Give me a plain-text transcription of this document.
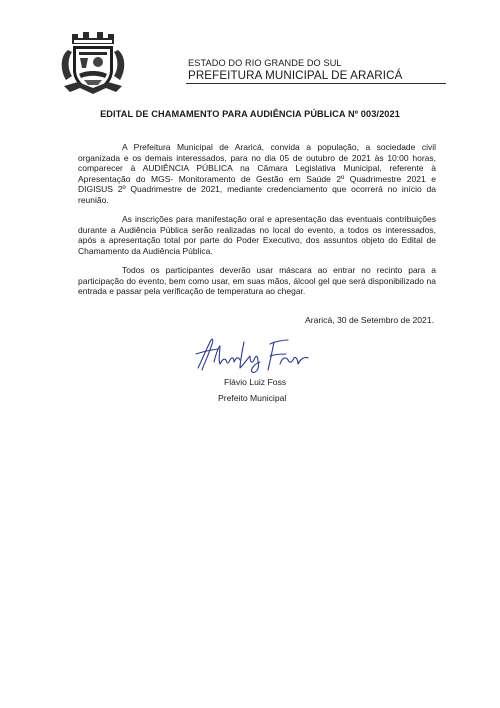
ESTADO DO RIO GRANDE DO SUL

PREFEITURA MUNICIPAL DE ARARICÁ

EDITAL DE CHAMAMENTO PARA AUDIÊNCIA PÚBLICA Nº 003/2021

A Prefeitura Municipal de Araricá, convida a população, a sociedade civil organizada e os demais interessados, para no dia 05 de outubro de 2021 às 10:00 horas, comparecer à AUDIÊNCIA PÚBLICA na Câmara Legislativa Municipal, referente à Apresentação do MGS- Monitoramento de Gestão em Saúde 2º Quadrimestre 2021 e DIGISUS 2º Quadrimestre de 2021, mediante credenciamento que ocorrerá no início da reunião.

As inscrições para manifestação oral e apresentação das eventuais contribuições durante a Audiência Pública serão realizadas no local do evento, a todos os interessados, após a apresentação total por parte do Poder Executivo, dos assuntos objeto do Edital de Chamamento da Audiência Pública.

Todos os participantes deverão usar máscara ao entrar no recinto para a participação do evento, bem como usar, em suas mãos, álcool gel que será disponibilizado na entrada e passar pela verificação de temperatura ao chegar.

Araricá, 30 de Setembro de 2021.

Flávio Luiz Foss

Prefeito Municipal
